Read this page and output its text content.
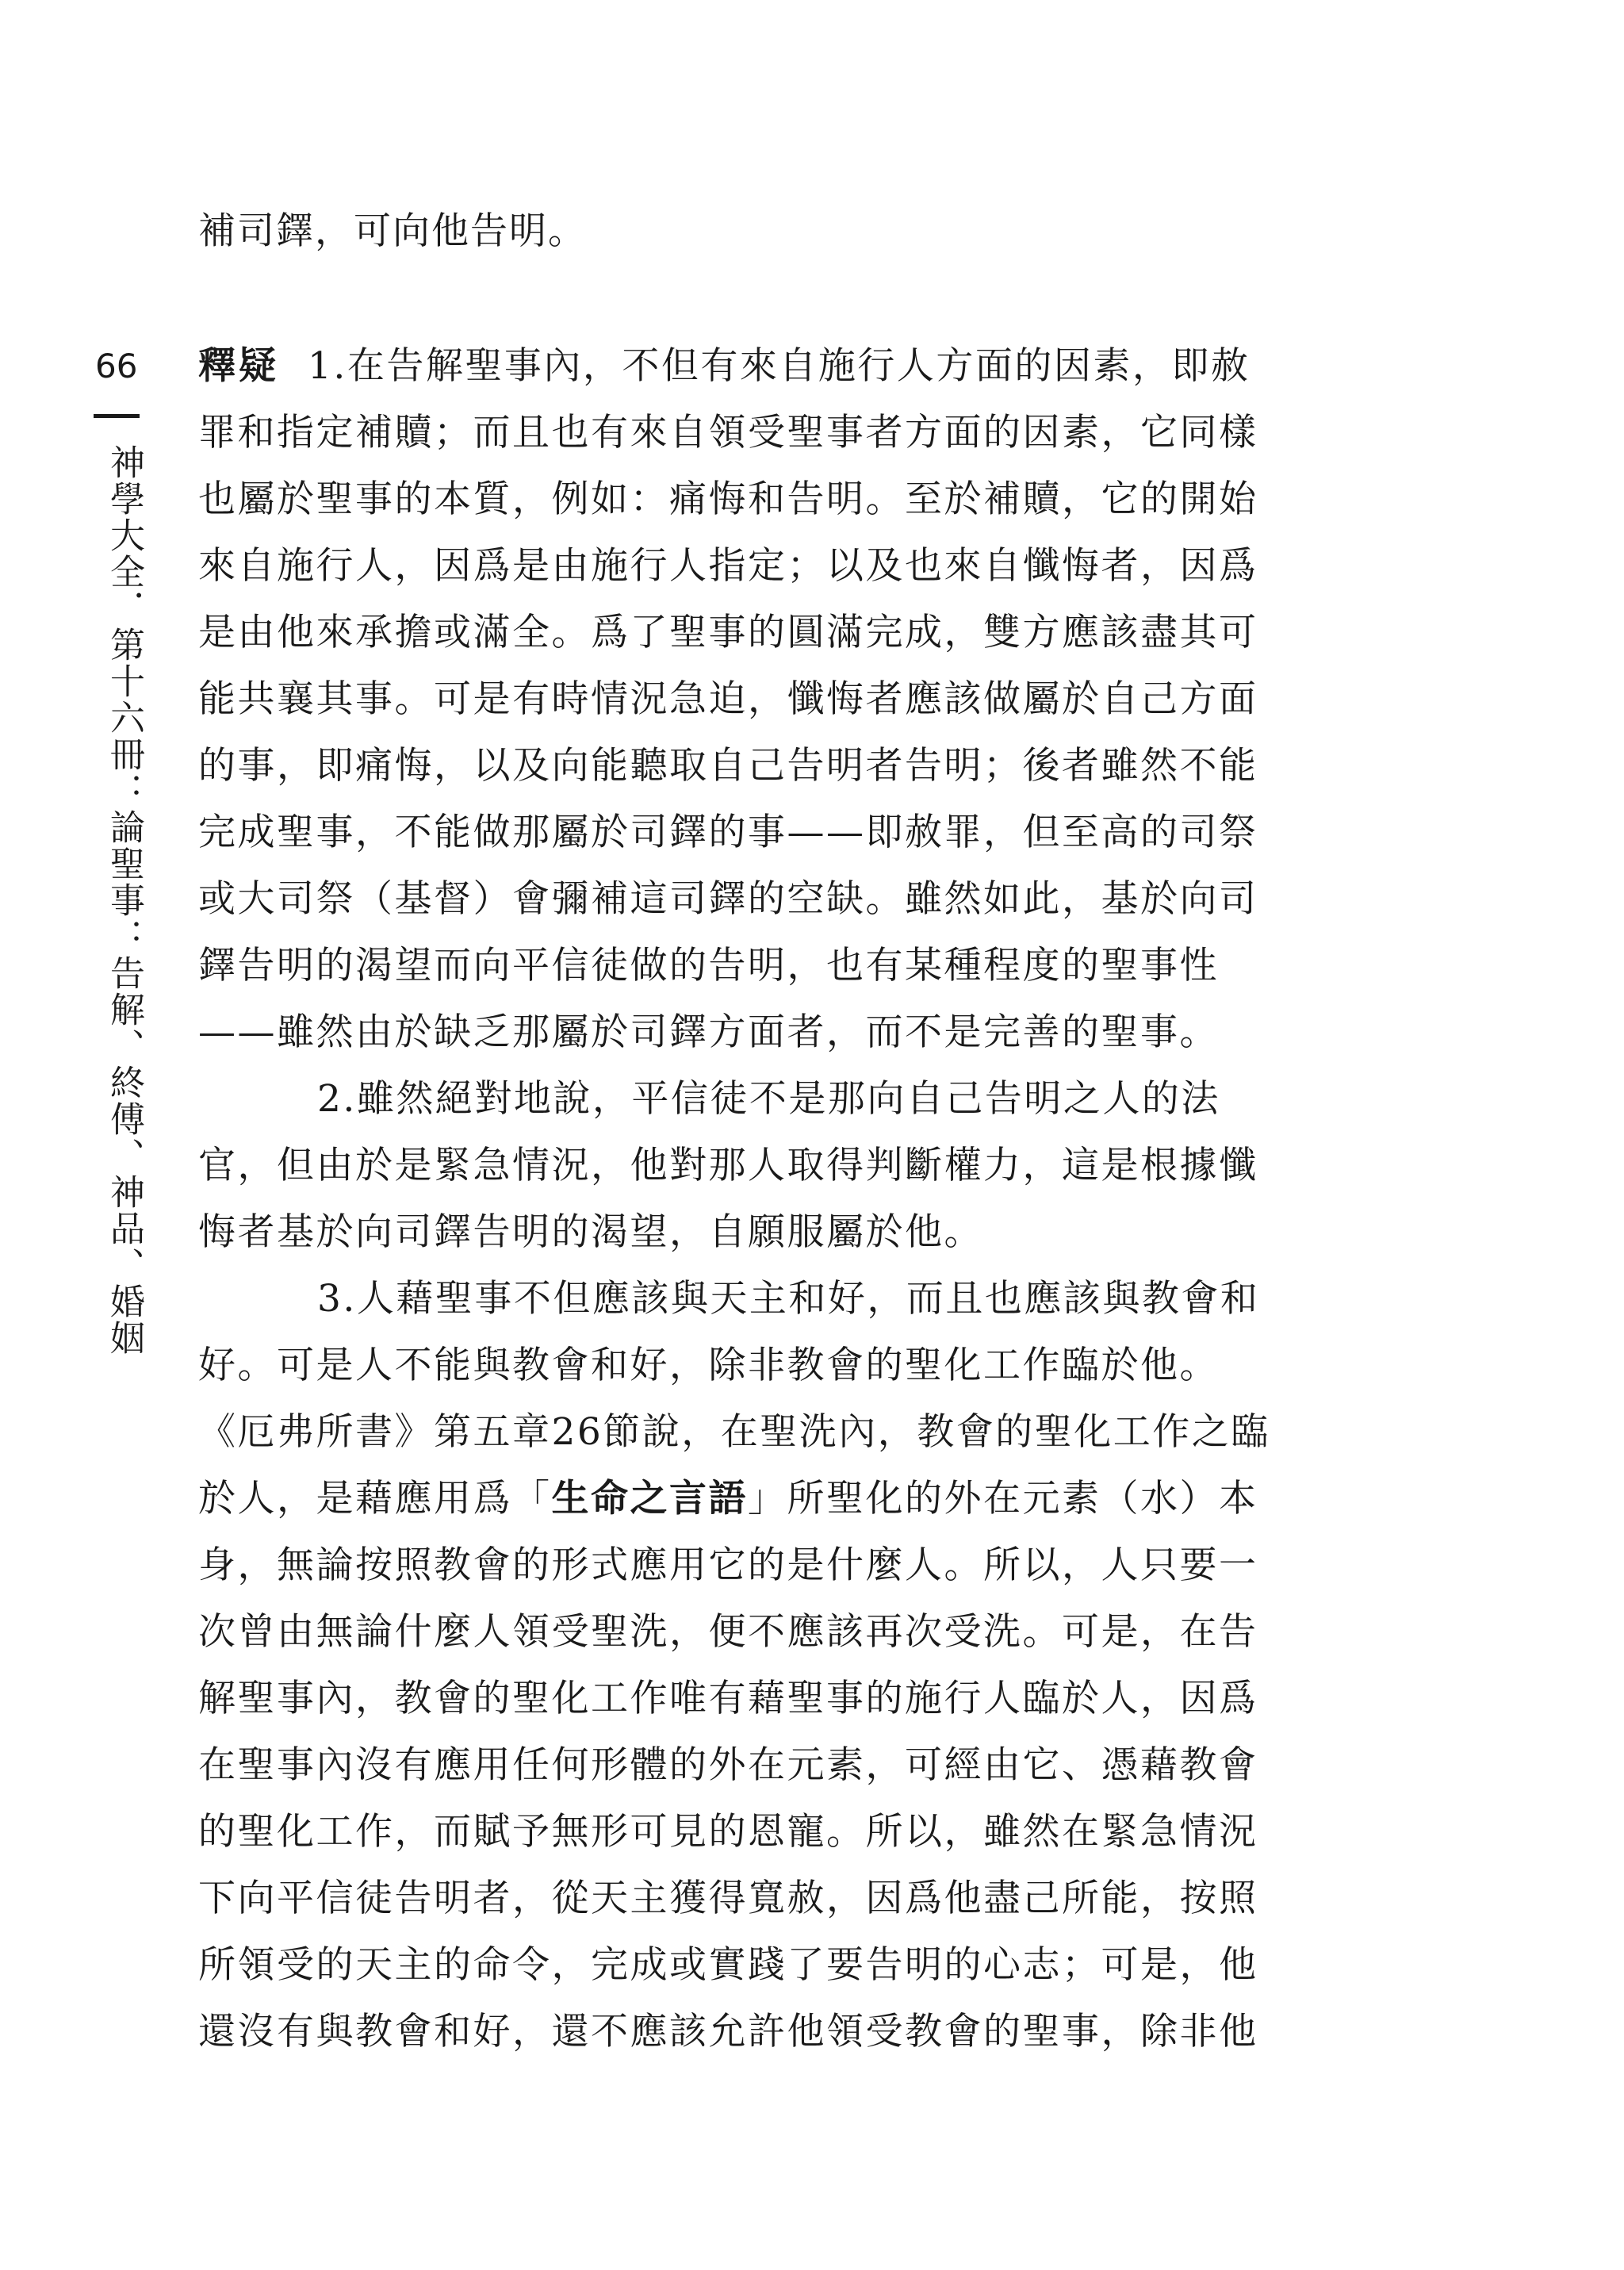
補司鐸，可向他告明。

66
神學大全．第十六冊：論聖事：告解、終傅、神品、婚姻

釋疑 1.在告解聖事內，不但有來自施行人方面的因素，即赦

罪和指定補贖；而且也有來自領受聖事者方面的因素，它同樣

也屬於聖事的本質，例如：痛悔和告明。至於補贖，它的開始

來自施行人，因爲是由施行人指定；以及也來自懺悔者，因爲

是由他來承擔或滿全。爲了聖事的圓滿完成，雙方應該盡其可

能共襄其事。可是有時情況急迫，懺悔者應該做屬於自己方面

的事，即痛悔，以及向能聽取自己告明者告明；後者雖然不能

完成聖事，不能做那屬於司鐸的事——即赦罪，但至高的司祭

或大司祭（基督）會彌補這司鐸的空缺。雖然如此，基於向司

鐸告明的渴望而向平信徒做的告明，也有某種程度的聖事性

——雖然由於缺乏那屬於司鐸方面者，而不是完善的聖事。

2.雖然絕對地說，平信徒不是那向自己告明之人的法

官，但由於是緊急情況，他對那人取得判斷權力，這是根據懺

悔者基於向司鐸告明的渴望，自願服屬於他。

3.人藉聖事不但應該與天主和好，而且也應該與教會和

好。可是人不能與教會和好，除非教會的聖化工作臨於他。

《厄弗所書》第五章26節說，在聖洗內，教會的聖化工作之臨

於人，是藉應用爲「生命之言語」所聖化的外在元素（水）本

身，無論按照教會的形式應用它的是什麼人。所以，人只要一

次曾由無論什麼人領受聖洗，便不應該再次受洗。可是，在告

解聖事內，教會的聖化工作唯有藉聖事的施行人臨於人，因爲

在聖事內沒有應用任何形體的外在元素，可經由它、憑藉教會

的聖化工作，而賦予無形可見的恩寵。所以，雖然在緊急情況

下向平信徒告明者，從天主獲得寬赦，因爲他盡己所能，按照

所領受的天主的命令，完成或實踐了要告明的心志；可是，他

還沒有與教會和好，還不應該允許他領受教會的聖事，除非他
